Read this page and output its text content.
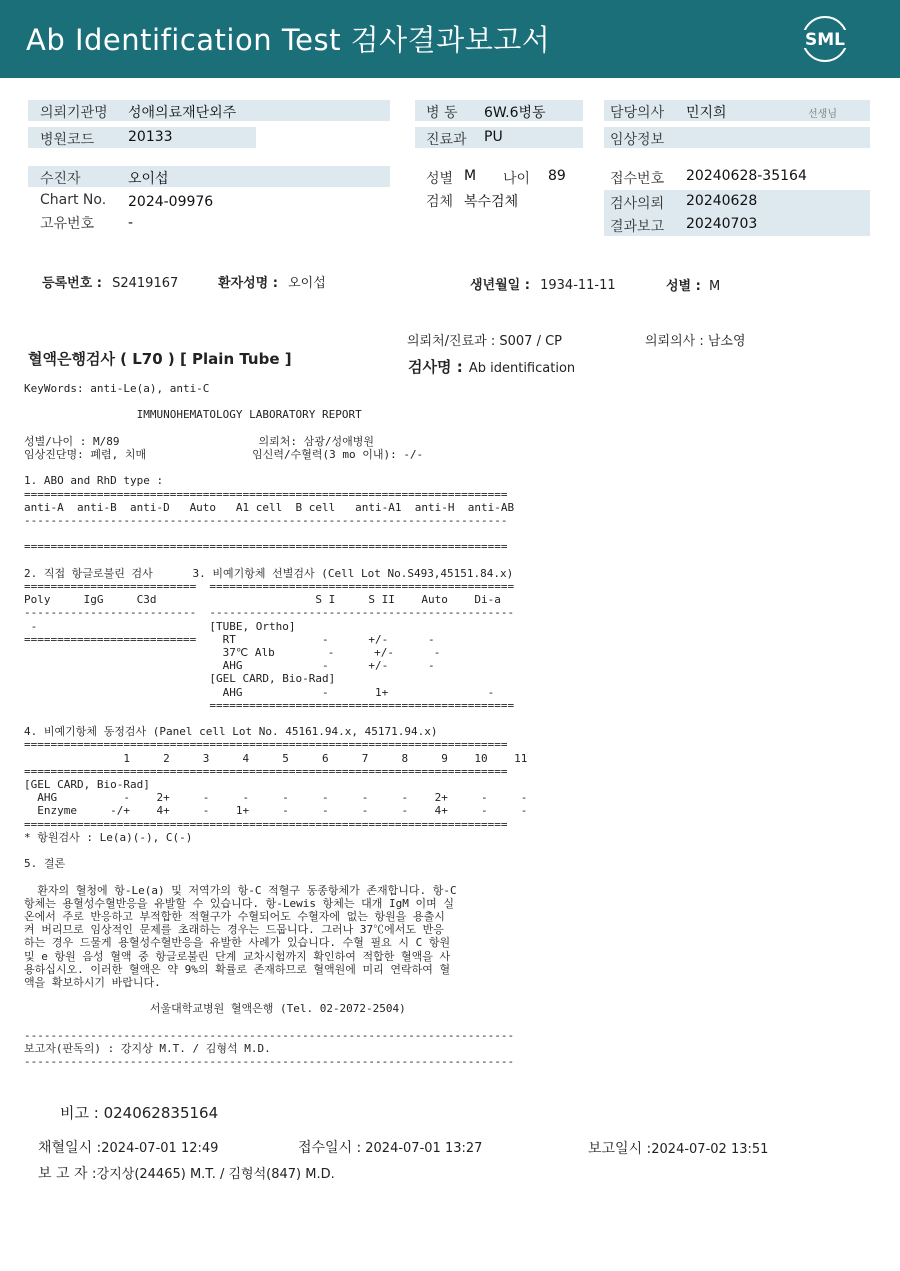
Ab Identification Test 검사결과보고서	SML
의뢰기관명 성애의료재단외주
병원코드 20133
병 동 6W.6병동
진료과 PU
담당의사 민지희	선생님
임상정보
수진자	오이섭
Chart No. 2024-09976
고유번호 -
성별 M 나이 89
검체 복수검체
접수번호 20240628-35164
검사의뢰 20240628
결과보고 20240703
등록번호 : S2419167	환자성명 : 오이섭	생년월일 : 1934-11-11	성별 : M
의뢰처/진료과 : S007 / CP	의뢰의사 : 남소영
혈액은행검사 ( L70 ) [ Plain Tube ]	검사명 : Ab identification
KeyWords: anti-Le(a), anti-C
IMMUNOHEMATOLOGY LABORATORY REPORT
성별/나이 : M/89                     의뢰처: 삼광/성애병원
임상진단명: 폐렴, 치매                임신력/수혈력(3 mo 이내): -/-
1. ABO and RhD type :
=========================================================================
anti-A  anti-B  anti-D   Auto   A1 cell  B cell   anti-A1  anti-H  anti-AB
-------------------------------------------------------------------------
=========================================================================
2. 직접 항글로불린 검사      3. 비예기항체 선별검사 (Cell Lot No.S493,45151.84.x)
==========================  ==============================================
Poly     IgG     C3d                        S I     S II    Auto    Di-a
--------------------------  ----------------------------------------------
-                          [TUBE, Ortho]
==========================    RT             -      +/-      -
37℃ Alb        -      +/-      -
AHG            -      +/-      -
[GEL CARD, Bio-Rad]
AHG            -       1+               -
==============================================
4. 비예기항체 동정검사 (Panel cell Lot No. 45161.94.x, 45171.94.x)
=========================================================================
1     2     3     4     5     6     7     8     9    10    11
=========================================================================
[GEL CARD, Bio-Rad]
AHG          -    2+     -     -     -     -     -     -    2+     -     -
Enzyme     -/+    4+     -    1+     -     -     -     -    4+     -     -
=========================================================================
* 항원검사 : Le(a)(-), C(-)
5. 결론
환자의 혈청에 항-Le(a) 및 저역가의 항-C 적혈구 동종항체가 존재합니다. 항-C
항체는 용혈성수혈반응을 유발할 수 있습니다. 항-Lewis 항체는 대개 IgM 이며 실
온에서 주로 반응하고 부적합한 적혈구가 수혈되어도 수혈자에 없는 항원을 용출시
켜 버리므로 임상적인 문제를 초래하는 경우는 드뭅니다. 그러나 37℃에서도 반응
하는 경우 드물게 용혈성수혈반응을 유발한 사례가 있습니다. 수혈 필요 시 C 항원
및 e 항원 음성 혈액 중 항글로불린 단계 교차시험까지 확인하여 적합한 혈액을 사
용하십시오. 이러한 혈액은 약 9%의 확률로 존재하므로 혈액원에 미리 연락하여 혈
액을 확보하시기 바랍니다.
서울대학교병원 혈액은행 (Tel. 02-2072-2504)
--------------------------------------------------------------------------
보고자(판독의) : 강지상 M.T. / 김형석 M.D.
--------------------------------------------------------------------------
비고 : 024062835164
채혈일시 :2024-07-01 12:49	접수일시 : 2024-07-01 13:27	보고일시 :2024-07-02 13:51
보 고 자 :강지상(24465) M.T. / 김형석(847) M.D.
